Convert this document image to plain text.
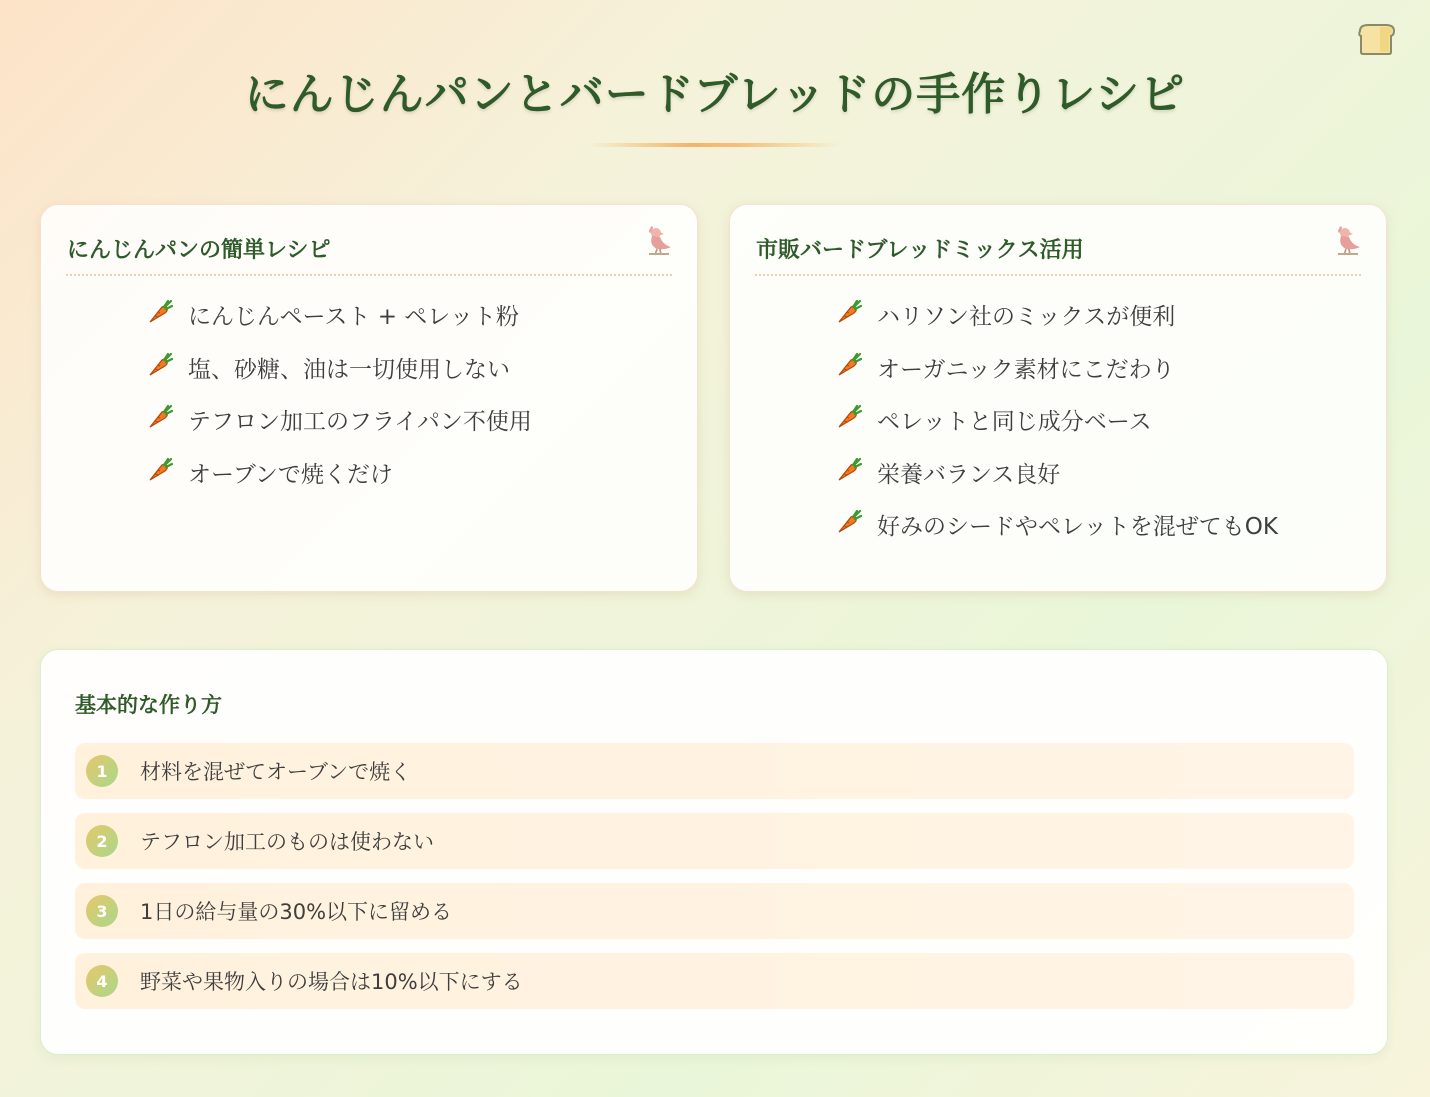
にんじんパンとバードブレッドの手作りレシピ
にんじんパンの簡単レシピ
にんじんペースト + ペレット粉
塩、砂糖、油は一切使用しない
テフロン加工のフライパン不使用
オーブンで焼くだけ
市販バードブレッドミックス活用
ハリソン社のミックスが便利
オーガニック素材にこだわり
ペレットと同じ成分ベース
栄養バランス良好
好みのシードやペレットを混ぜてもOK
基本的な作り方
1	材料を混ぜてオーブンで焼く
2	テフロン加工のものは使わない
3	1日の給与量の30%以下に留める
4	野菜や果物入りの場合は10%以下にする
